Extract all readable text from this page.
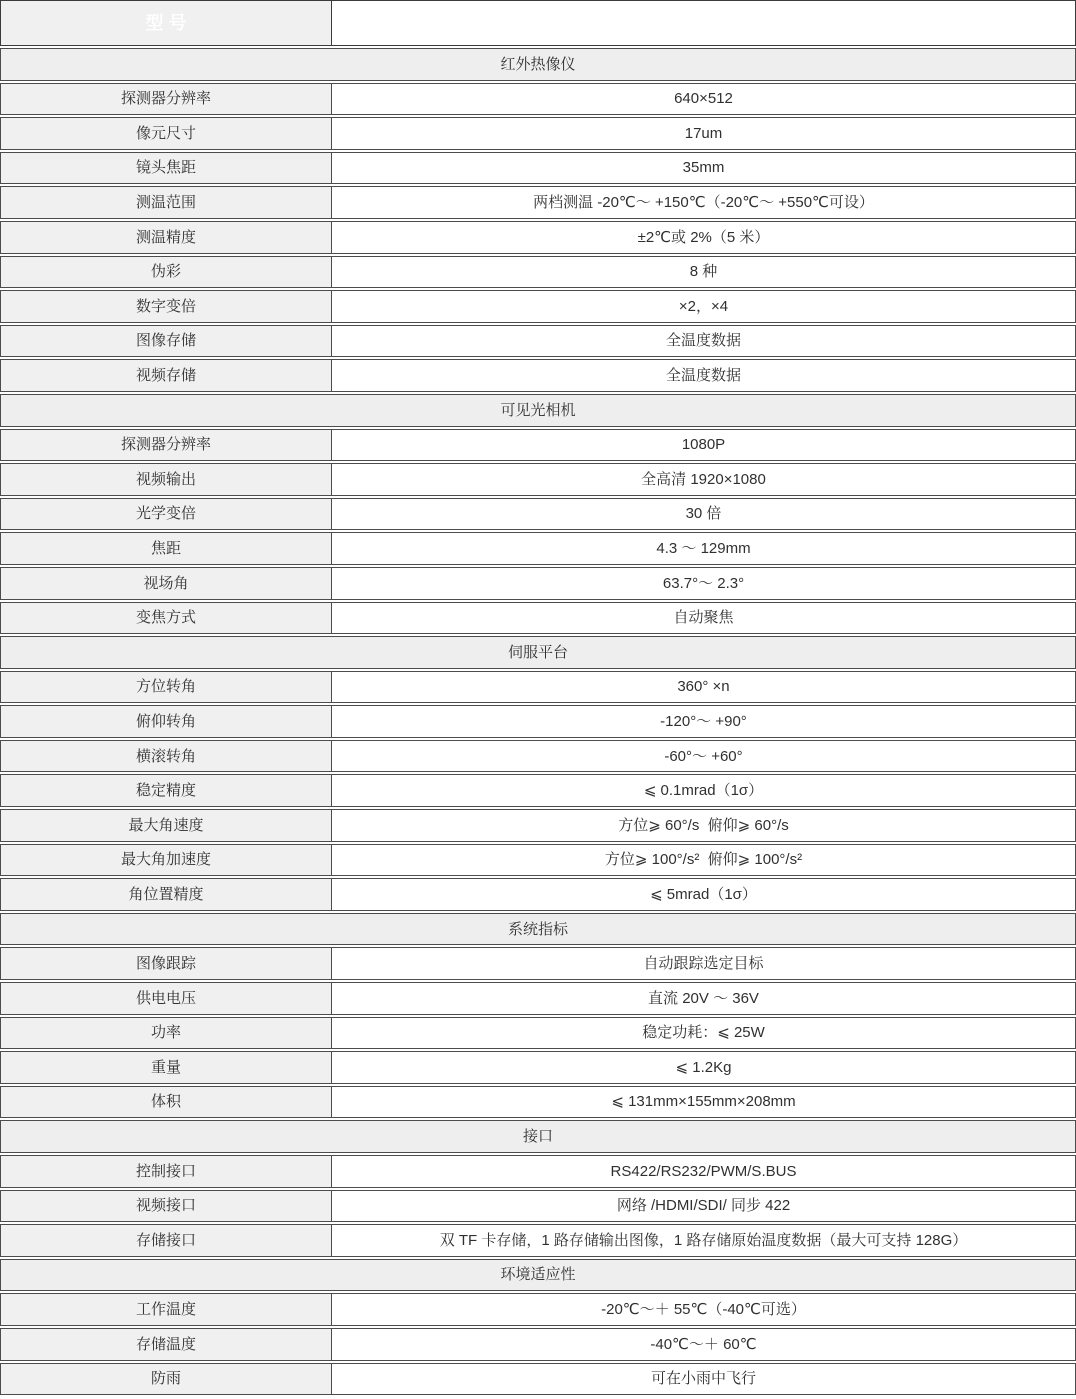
型 号	T130D
红外热像仪
探测器分辨率	640×512
像元尺寸	17um
镜头焦距	35mm
测温范围	两档测温 -20℃～ +150℃（-20℃～ +550℃可设）
测温精度	±2℃或 2%（5 米）
伪彩	8 种
数字变倍	×2，×4
图像存储	全温度数据
视频存储	全温度数据
可见光相机
探测器分辨率	1080P
视频输出	全高清 1920×1080
光学变倍	30 倍
焦距	4.3 ～ 129mm
视场角	63.7°～ 2.3°
变焦方式	自动聚焦
伺服平台
方位转角	360° ×n
俯仰转角	-120°～ +90°
横滚转角	-60°～ +60°
稳定精度	⩽ 0.1mrad（1σ）
最大角速度	方位⩾ 60°/s  俯仰⩾ 60°/s
最大角加速度	方位⩾ 100°/s²  俯仰⩾ 100°/s²
角位置精度	⩽ 5mrad（1σ）
系统指标
图像跟踪	自动跟踪选定目标
供电电压	直流 20V ～ 36V
功率	稳定功耗：⩽ 25W
重量	⩽ 1.2Kg
体积	⩽ 131mm×155mm×208mm
接口
控制接口	RS422/RS232/PWM/S.BUS
视频接口	网络 /HDMI/SDI/ 同步 422
存储接口	双 TF 卡存储，1 路存储输出图像，1 路存储原始温度数据（最大可支持 128G）
环境适应性
工作温度	-20℃～＋ 55℃（-40℃可选）
存储温度	-40℃～＋ 60℃
防雨	可在小雨中飞行
